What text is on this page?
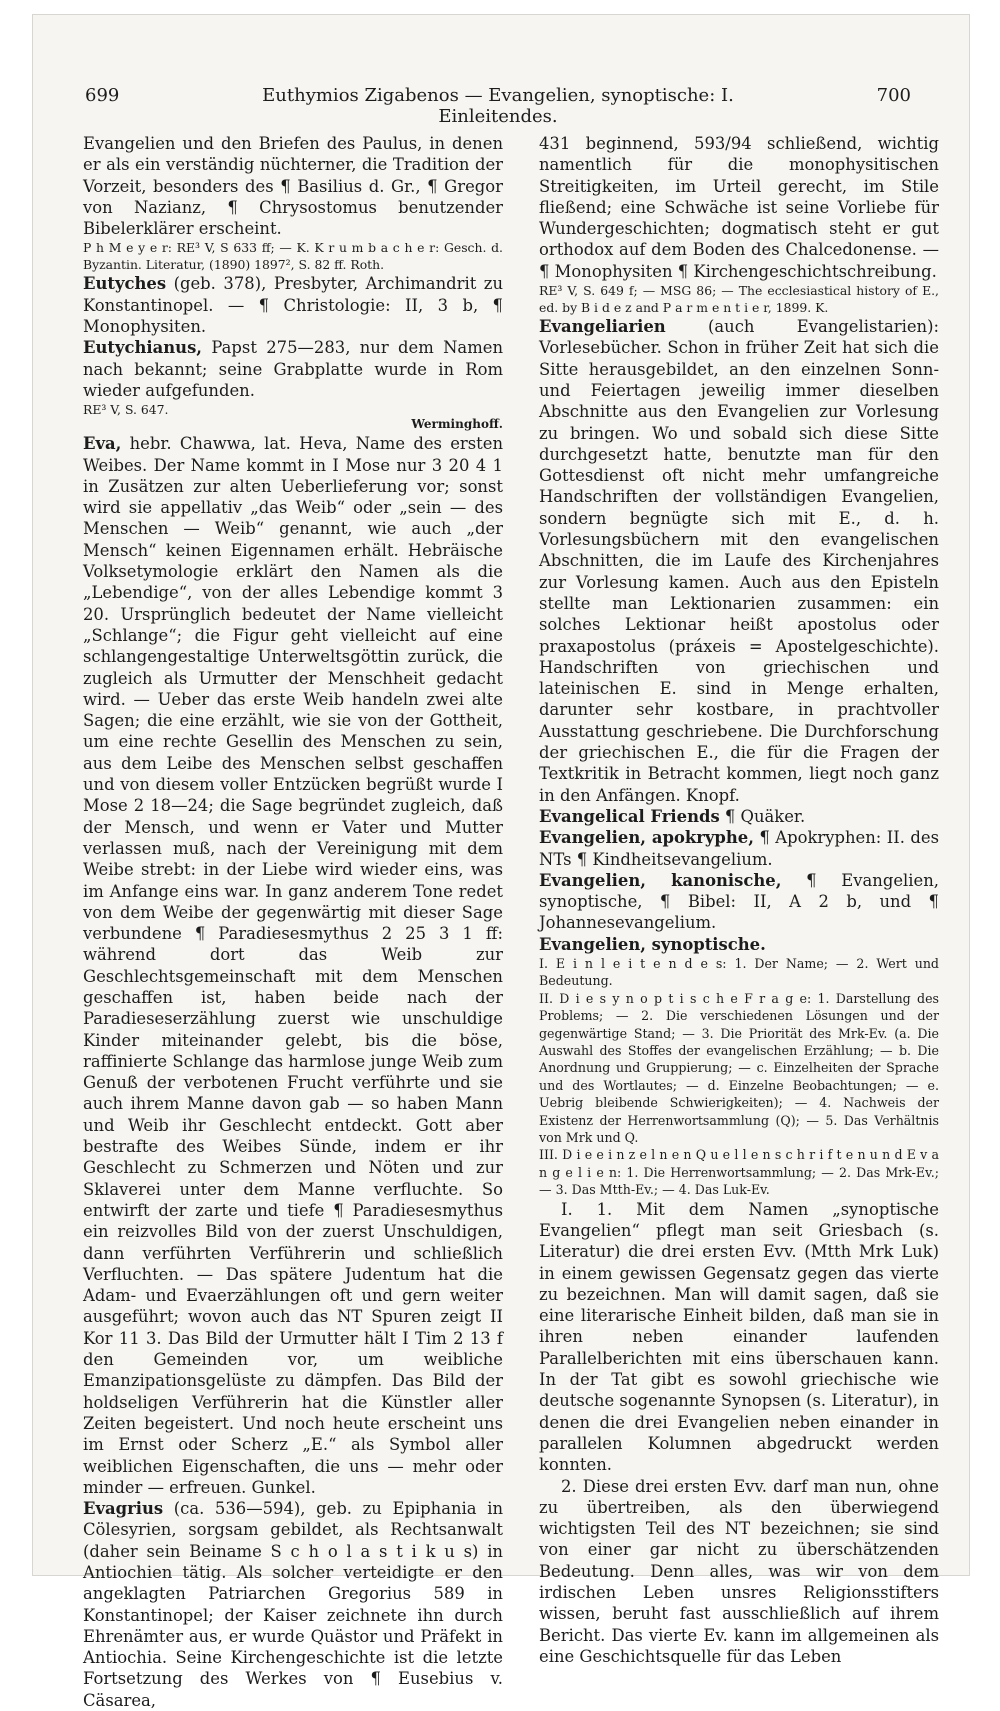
699	Euthymios Zigabenos — Evangelien, synoptische: I. Einleitendes.
700

Evangelien und den Briefen des Paulus, in denen er als ein verständig nüchterner, die Tradition der Vorzeit, besonders des ¶ Basilius d. Gr., ¶ Gregor von Nazianz, ¶ Chrysostomus benutzender Bibelerklärer erscheint.

P h M e y e r: RE³ V, S 633 ff; — K. K r u m b a c h e r: Gesch. d. Byzantin. Literatur, (1890) 1897², S. 82 ff. Roth.

Eutyches (geb. 378), Presbyter, Archimandrit zu Konstantinopel. — ¶ Christologie: II, 3 b, ¶ Monophysiten.

Eutychianus, Papst 275—283, nur dem Namen nach bekannt; seine Grabplatte wurde in Rom wieder aufgefunden.

RE³ V, S. 647.

Werminghoff.

Eva, hebr. Chawwa, lat. Heva, Name des ersten Weibes. Der Name kommt in I Mose nur 3 20 4 1 in Zusätzen zur alten Ueberlieferung vor; sonst wird sie appellativ „das Weib“ oder „sein — des Menschen — Weib“ genannt, wie auch „der Mensch“ keinen Eigennamen erhält. Hebräische Volksetymologie erklärt den Namen als die „Lebendige“, von der alles Lebendige kommt 3 20. Ursprünglich bedeutet der Name vielleicht „Schlange“; die Figur geht vielleicht auf eine schlangengestaltige Unterweltsgöttin zurück, die zugleich als Urmutter der Menschheit gedacht wird. — Ueber das erste Weib handeln zwei alte Sagen; die eine erzählt, wie sie von der Gottheit, um eine rechte Gesellin des Menschen zu sein, aus dem Leibe des Menschen selbst geschaffen und von diesem voller Entzücken begrüßt wurde I Mose 2 18—24; die Sage begründet zugleich, daß der Mensch, und wenn er Vater und Mutter verlassen muß, nach der Vereinigung mit dem Weibe strebt: in der Liebe wird wieder eins, was im Anfange eins war. In ganz anderem Tone redet von dem Weibe der gegenwärtig mit dieser Sage verbundene ¶ Paradiesesmythus 2 25 3 1 ff: während dort das Weib zur Geschlechtsgemeinschaft mit dem Menschen geschaffen ist, haben beide nach der Paradieseserzählung zuerst wie unschuldige Kinder miteinander gelebt, bis die böse, raffinierte Schlange das harmlose junge Weib zum Genuß der verbotenen Frucht verführte und sie auch ihrem Manne davon gab — so haben Mann und Weib ihr Geschlecht entdeckt. Gott aber bestrafte des Weibes Sünde, indem er ihr Geschlecht zu Schmerzen und Nöten und zur Sklaverei unter dem Manne verfluchte. So entwirft der zarte und tiefe ¶ Paradiesesmythus ein reizvolles Bild von der zuerst Unschuldigen, dann verführten Verführerin und schließlich Verfluchten. — Das spätere Judentum hat die Adam- und Evaerzählungen oft und gern weiter ausgeführt; wovon auch das NT Spuren zeigt II Kor 11 3. Das Bild der Urmutter hält I Tim 2 13 f den Gemeinden vor, um weibliche Emanzipationsgelüste zu dämpfen. Das Bild der holdseligen Verführerin hat die Künstler aller Zeiten begeistert. Und noch heute erscheint uns im Ernst oder Scherz „E.“ als Symbol aller weiblichen Eigenschaften, die uns — mehr oder minder — erfreuen. Gunkel.

Evagrius (ca. 536—594), geb. zu Epiphania in Cölesyrien, sorgsam gebildet, als Rechtsanwalt (daher sein Beiname S c h o l a s t i k u s) in Antiochien tätig. Als solcher verteidigte er den angeklagten Patriarchen Gregorius 589 in Konstantinopel; der Kaiser zeichnete ihn durch Ehrenämter aus, er wurde Quästor und Präfekt in Antiochia. Seine Kirchengeschichte ist die letzte Fortsetzung des Werkes von ¶ Eusebius v. Cäsarea,

431 beginnend, 593/94 schließend, wichtig namentlich für die monophysitischen Streitigkeiten, im Urteil gerecht, im Stile fließend; eine Schwäche ist seine Vorliebe für Wundergeschichten; dogmatisch steht er gut orthodox auf dem Boden des Chalcedonense. — ¶ Monophysiten ¶ Kirchengeschichtschreibung.

RE³ V, S. 649 f; — MSG 86; — The ecclesiastical history of E., ed. by B i d e z and P a r m e n t i e r, 1899. K.

Evangeliarien (auch Evangelistarien): Vorlesebücher. Schon in früher Zeit hat sich die Sitte herausgebildet, an den einzelnen Sonn- und Feiertagen jeweilig immer dieselben Abschnitte aus den Evangelien zur Vorlesung zu bringen. Wo und sobald sich diese Sitte durchgesetzt hatte, benutzte man für den Gottesdienst oft nicht mehr umfangreiche Handschriften der vollständigen Evangelien, sondern begnügte sich mit E., d. h. Vorlesungsbüchern mit den evangelischen Abschnitten, die im Laufe des Kirchenjahres zur Vorlesung kamen. Auch aus den Episteln stellte man Lektionarien zusammen: ein solches Lektionar heißt apostolus oder praxapostolus (práxeis = Apostelgeschichte). Handschriften von griechischen und lateinischen E. sind in Menge erhalten, darunter sehr kostbare, in prachtvoller Ausstattung geschriebene. Die Durchforschung der griechischen E., die für die Fragen der Textkritik in Betracht kommen, liegt noch ganz in den Anfängen. Knopf.

Evangelical Friends ¶ Quäker.

Evangelien, apokryphe, ¶ Apokryphen: II. des NTs ¶ Kindheitsevangelium.

Evangelien, kanonische, ¶ Evangelien, synoptische, ¶ Bibel: II, A 2 b, und ¶ Johannesevangelium.

Evangelien, synoptische.

I. E i n l e i t e n d e s: 1. Der Name; — 2. Wert und Bedeutung.

II. D i e s y n o p t i s c h e F r a g e: 1. Darstellung des Problems; — 2. Die verschiedenen Lösungen und der gegenwärtige Stand; — 3. Die Priorität des Mrk-Ev. (a. Die Auswahl des Stoffes der evangelischen Erzählung; — b. Die Anordnung und Gruppierung; — c. Einzelheiten der Sprache und des Wortlautes; — d. Einzelne Beobachtungen; — e. Uebrig bleibende Schwierigkeiten); — 4. Nachweis der Existenz der Herrenwortsammlung (Q); — 5. Das Verhältnis von Mrk und Q.

III. D i e e i n z e l n e n Q u e l l e n s c h r i f t e n u n d E v a n g e l i e n: 1. Die Herrenwortsammlung; — 2. Das Mrk-Ev.; — 3. Das Mtth-Ev.; — 4. Das Luk-Ev.

I. 1. Mit dem Namen „synoptische Evangelien“ pflegt man seit Griesbach (s. Literatur) die drei ersten Evv. (Mtth Mrk Luk) in einem gewissen Gegensatz gegen das vierte zu bezeichnen. Man will damit sagen, daß sie eine literarische Einheit bilden, daß man sie in ihren neben einander laufenden Parallelberichten mit eins überschauen kann. In der Tat gibt es sowohl griechische wie deutsche sogenannte Synopsen (s. Literatur), in denen die drei Evangelien neben einander in parallelen Kolumnen abgedruckt werden konnten.

2. Diese drei ersten Evv. darf man nun, ohne zu übertreiben, als den überwiegend wichtigsten Teil des NT bezeichnen; sie sind von einer gar nicht zu überschätzenden Bedeutung. Denn alles, was wir von dem irdischen Leben unsres Religionsstifters wissen, beruht fast ausschließlich auf ihrem Bericht. Das vierte Ev. kann im allgemeinen als eine Geschichtsquelle für das Leben
